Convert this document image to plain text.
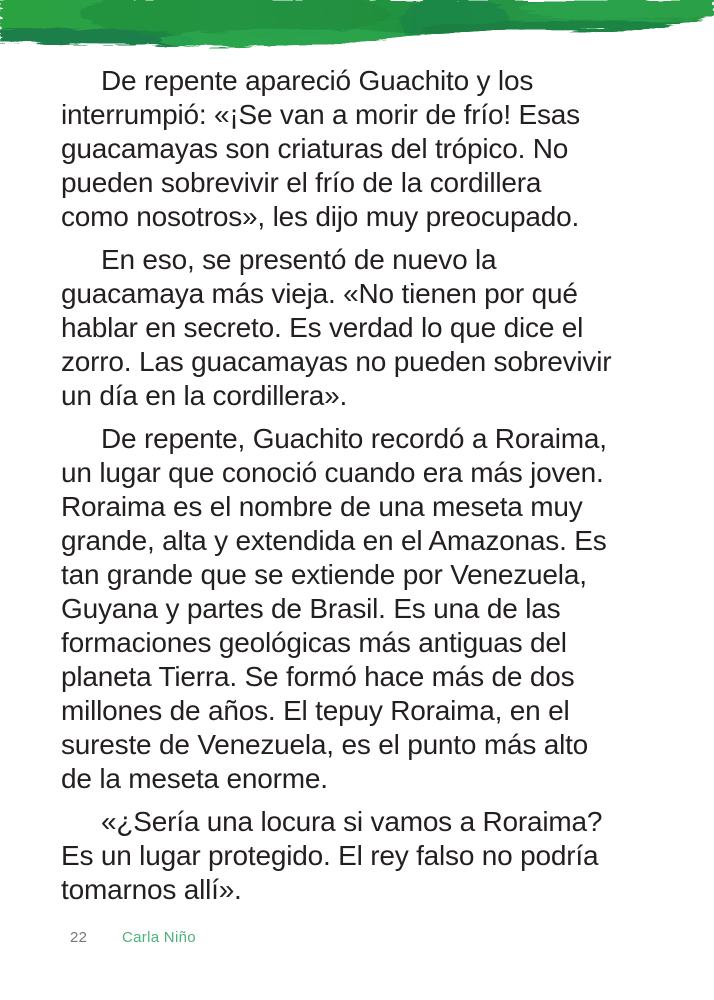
De repente apareció Guachito y los
interrumpió: «¡Se van a morir de frío! Esas
guacamayas son criaturas del trópico. No
pueden sobrevivir el frío de la cordillera
como nosotros», les dijo muy preocupado.
En eso, se presentó de nuevo la
guacamaya más vieja. «No tienen por qué
hablar en secreto. Es verdad lo que dice el
zorro. Las guacamayas no pueden sobrevivir
un día en la cordillera».
De repente, Guachito recordó a Roraima,
un lugar que conoció cuando era más joven.
Roraima es el nombre de una meseta muy
grande, alta y extendida en el Amazonas. Es
tan grande que se extiende por Venezuela,
Guyana y partes de Brasil. Es una de las
formaciones geológicas más antiguas del
planeta Tierra. Se formó hace más de dos
millones de años. El tepuy Roraima, en el
sureste de Venezuela, es el punto más alto
de la meseta enorme.
«¿Sería una locura si vamos a Roraima?
Es un lugar protegido. El rey falso no podría
tomarnos allí».
22	Carla Niño
